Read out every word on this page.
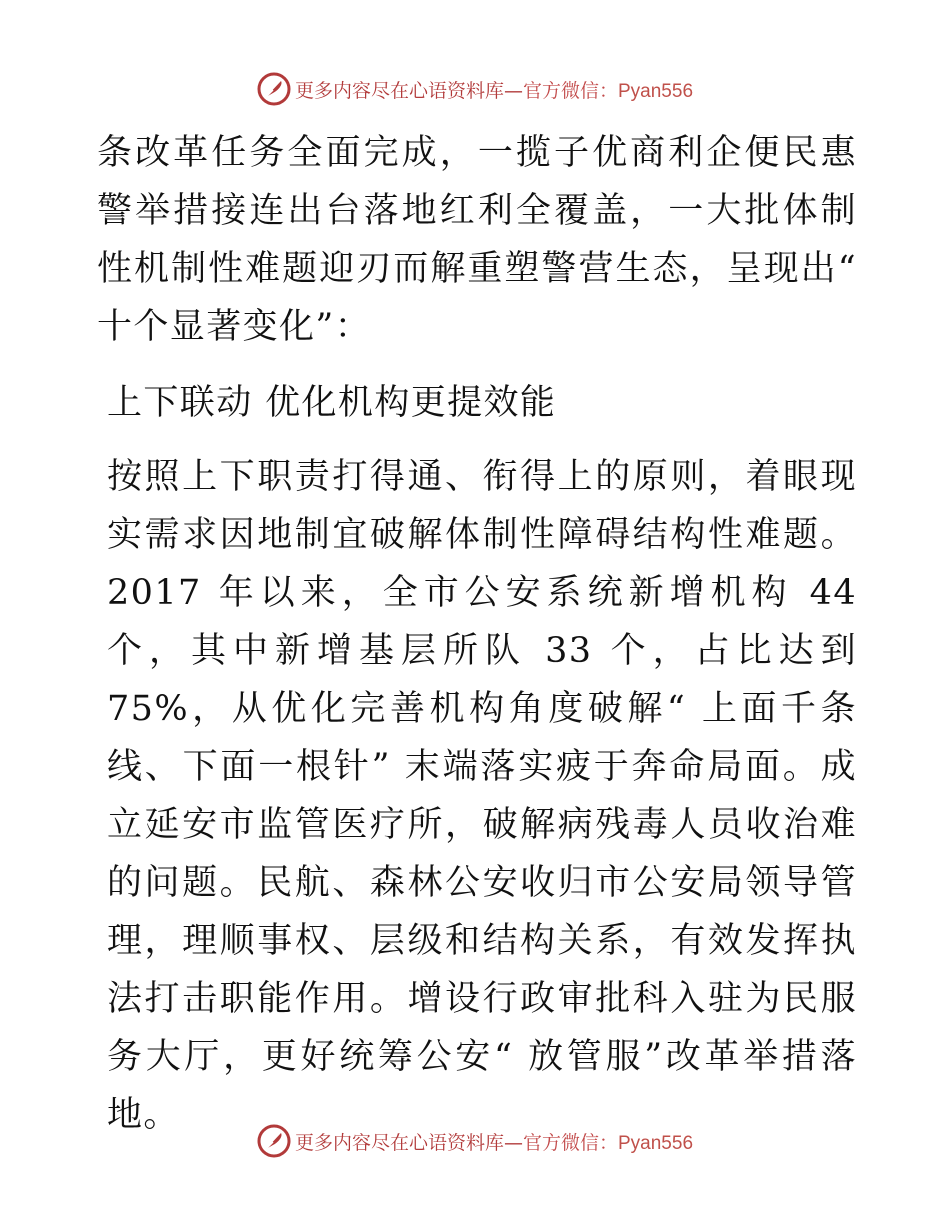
更多内容尽在心语资料库—官方微信：Pyan556

条改革任务全面完成，一揽子优商利企便民惠警举措接连出台落地红利全覆盖，一大批体制性机制性难题迎刃而解重塑警营生态，呈现出“ 十个显著变化”：

上下联动 优化机构更提效能

按照上下职责打得通、衔得上的原则，着眼现实需求因地制宜破解体制性障碍结构性难题。2017 年以来，全市公安系统新增机构 44 个，其中新增基层所队 33 个，占比达到 75%，从优化完善机构角度破解“ 上面千条线、下面一根针” 末端落实疲于奔命局面。成立延安市监管医疗所，破解病残毒人员收治难的问题。民航、森林公安收归市公安局领导管理，理顺事权、层级和结构关系，有效发挥执法打击职能作用。增设行政审批科入驻为民服务大厅，更好统筹公安“ 放管服”改革举措落地。

更多内容尽在心语资料库—官方微信：Pyan556
